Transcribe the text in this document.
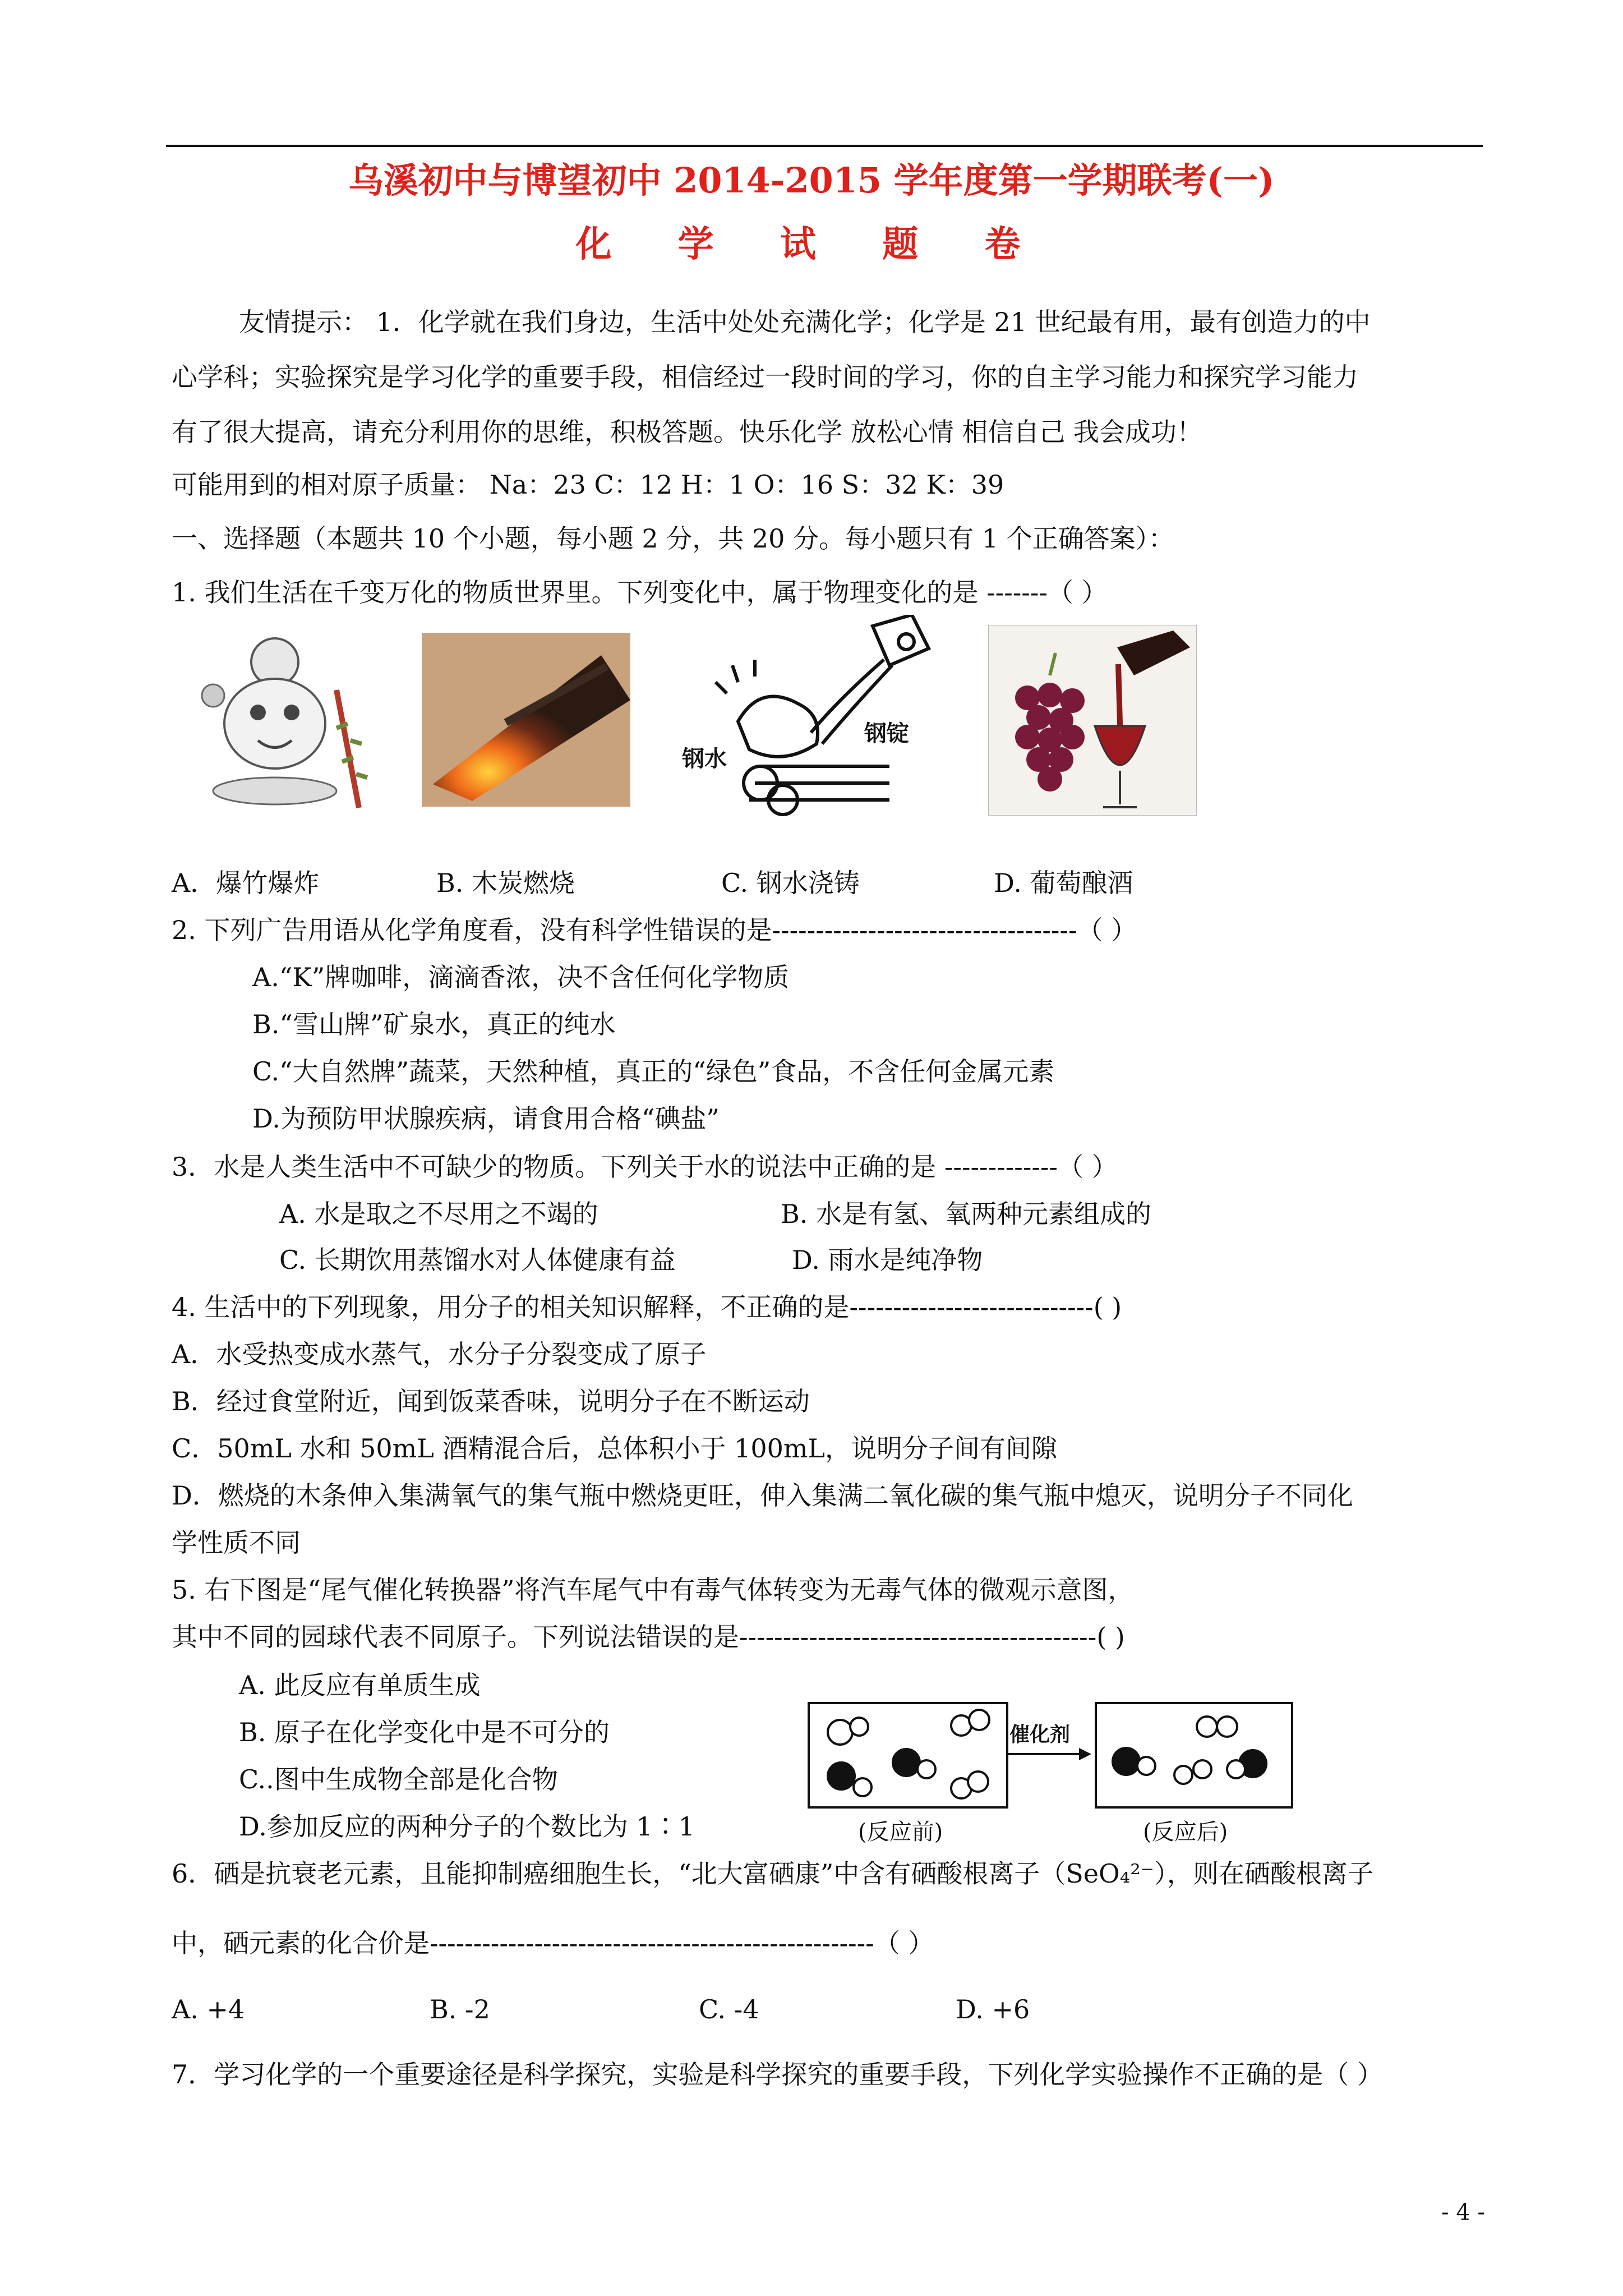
乌溪初中与博望初中 2014-2015 学年度第一学期联考(一)
化 学 试 题 卷
友情提示： 1．化学就在我们身边，生活中处处充满化学；化学是 21 世纪最有用，最有创造力的中
心学科；实验探究是学习化学的重要手段，相信经过一段时间的学习，你的自主学习能力和探究学习能力
有了很大提高，请充分利用你的思维，积极答题。快乐化学 放松心情 相信自己 我会成功！
可能用到的相对原子质量： Na：23 C：12 H：1 O：16 S：32 K：39
一、选择题（本题共 10 个小题，每小题 2 分，共 20 分。每小题只有 1 个正确答案）：
1. 我们生活在千变万化的物质世界里。下列变化中，属于物理变化的是 -------（ ）
钢水
钢锭
A．爆竹爆炸	B. 木炭燃烧	C. 钢水浇铸	D. 葡萄酿酒
2. 下列广告用语从化学角度看，没有科学性错误的是-----------------------------------（ ）
A.“K”牌咖啡，滴滴香浓，决不含任何化学物质
B.“雪山牌”矿泉水，真正的纯水
C.“大自然牌”蔬菜，天然种植，真正的“绿色”食品，不含任何金属元素
D.为预防甲状腺疾病，请食用合格“碘盐”
3．水是人类生活中不可缺少的物质。下列关于水的说法中正确的是 -------------（ ）
A. 水是取之不尽用之不竭的	B. 水是有氢、氧两种元素组成的
C. 长期饮用蒸馏水对人体健康有益	D. 雨水是纯净物
4. 生活中的下列现象，用分子的相关知识解释，不正确的是----------------------------( )
A．水受热变成水蒸气，水分子分裂变成了原子
B．经过食堂附近，闻到饭菜香味，说明分子在不断运动
C．50mL 水和 50mL 酒精混合后，总体积小于 100mL，说明分子间有间隙
D．燃烧的木条伸入集满氧气的集气瓶中燃烧更旺，伸入集满二氧化碳的集气瓶中熄灭，说明分子不同化
学性质不同
5. 右下图是“尾气催化转换器”将汽车尾气中有毒气体转变为无毒气体的微观示意图，
其中不同的园球代表不同原子。下列说法错误的是-----------------------------------------( )
A. 此反应有单质生成
B. 原子在化学变化中是不可分的
C..图中生成物全部是化合物
D.参加反应的两种分子的个数比为 1∶1
催化剂
(反应前)	(反应后)
6．硒是抗衰老元素，且能抑制癌细胞生长，“北大富硒康”中含有硒酸根离子（SeO₄²⁻），则在硒酸根离子
中，硒元素的化合价是---------------------------------------------------（ ）
A. +4	B. -2	C. -4	D. +6
7．学习化学的一个重要途径是科学探究，实验是科学探究的重要手段，下列化学实验操作不正确的是（ ）
- 4 -
